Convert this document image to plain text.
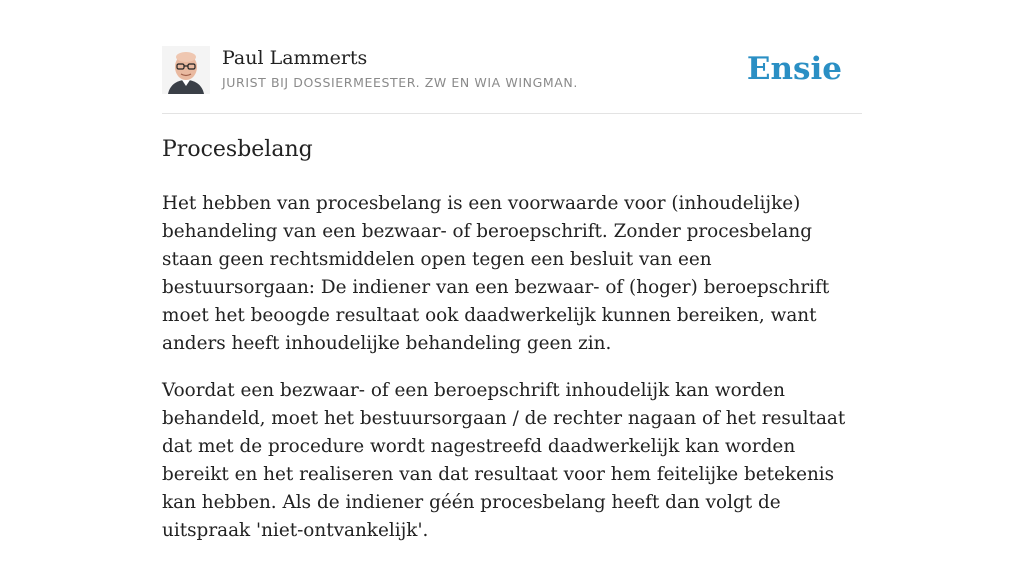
Paul Lammerts
JURIST BIJ DOSSIERMEESTER. ZW EN WIA WINGMAN.	Ensie
Procesbelang

Het hebben van procesbelang is een voorwaarde voor (inhoudelijke) behandeling van een bezwaar- of beroepschrift. Zonder procesbelang staan geen rechtsmiddelen open tegen een besluit van een bestuursorgaan: De indiener van een bezwaar- of (hoger) beroepschrift moet het beoogde resultaat ook daadwerkelijk kunnen bereiken, want anders heeft inhoudelijke behandeling geen zin.

Voordat een bezwaar- of een beroepschrift inhoudelijk kan worden behandeld, moet het bestuursorgaan / de rechter nagaan of het resultaat dat met de procedure wordt nagestreefd daadwerkelijk kan worden bereikt en het realiseren van dat resultaat voor hem feitelijke betekenis kan hebben. Als de indiener géén procesbelang heeft dan volgt de uitspraak 'niet-ontvankelijk'.
